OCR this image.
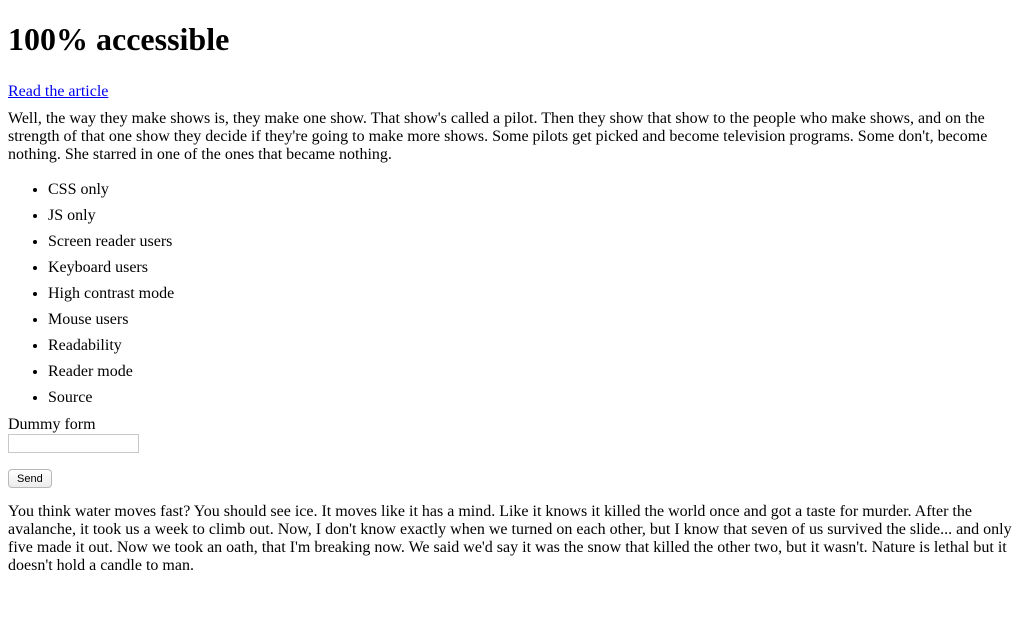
100% accessible
Read the article

Well, the way they make shows is, they make one show. That show's called a pilot. Then they show that show to the people who make shows, and on the strength of that one show they decide if they're going to make more shows. Some pilots get picked and become television programs. Some don't, become nothing. She starred in one of the ones that became nothing.

• CSS only
• JS only
• Screen reader users
• Keyboard users
• High contrast mode
• Mouse users
• Readability
• Reader mode
• Source
Dummy form
Send

You think water moves fast? You should see ice. It moves like it has a mind. Like it knows it killed the world once and got a taste for murder. After the avalanche, it took us a week to climb out. Now, I don't know exactly when we turned on each other, but I know that seven of us survived the slide... and only five made it out. Now we took an oath, that I'm breaking now. We said we'd say it was the snow that killed the other two, but it wasn't. Nature is lethal but it doesn't hold a candle to man.
